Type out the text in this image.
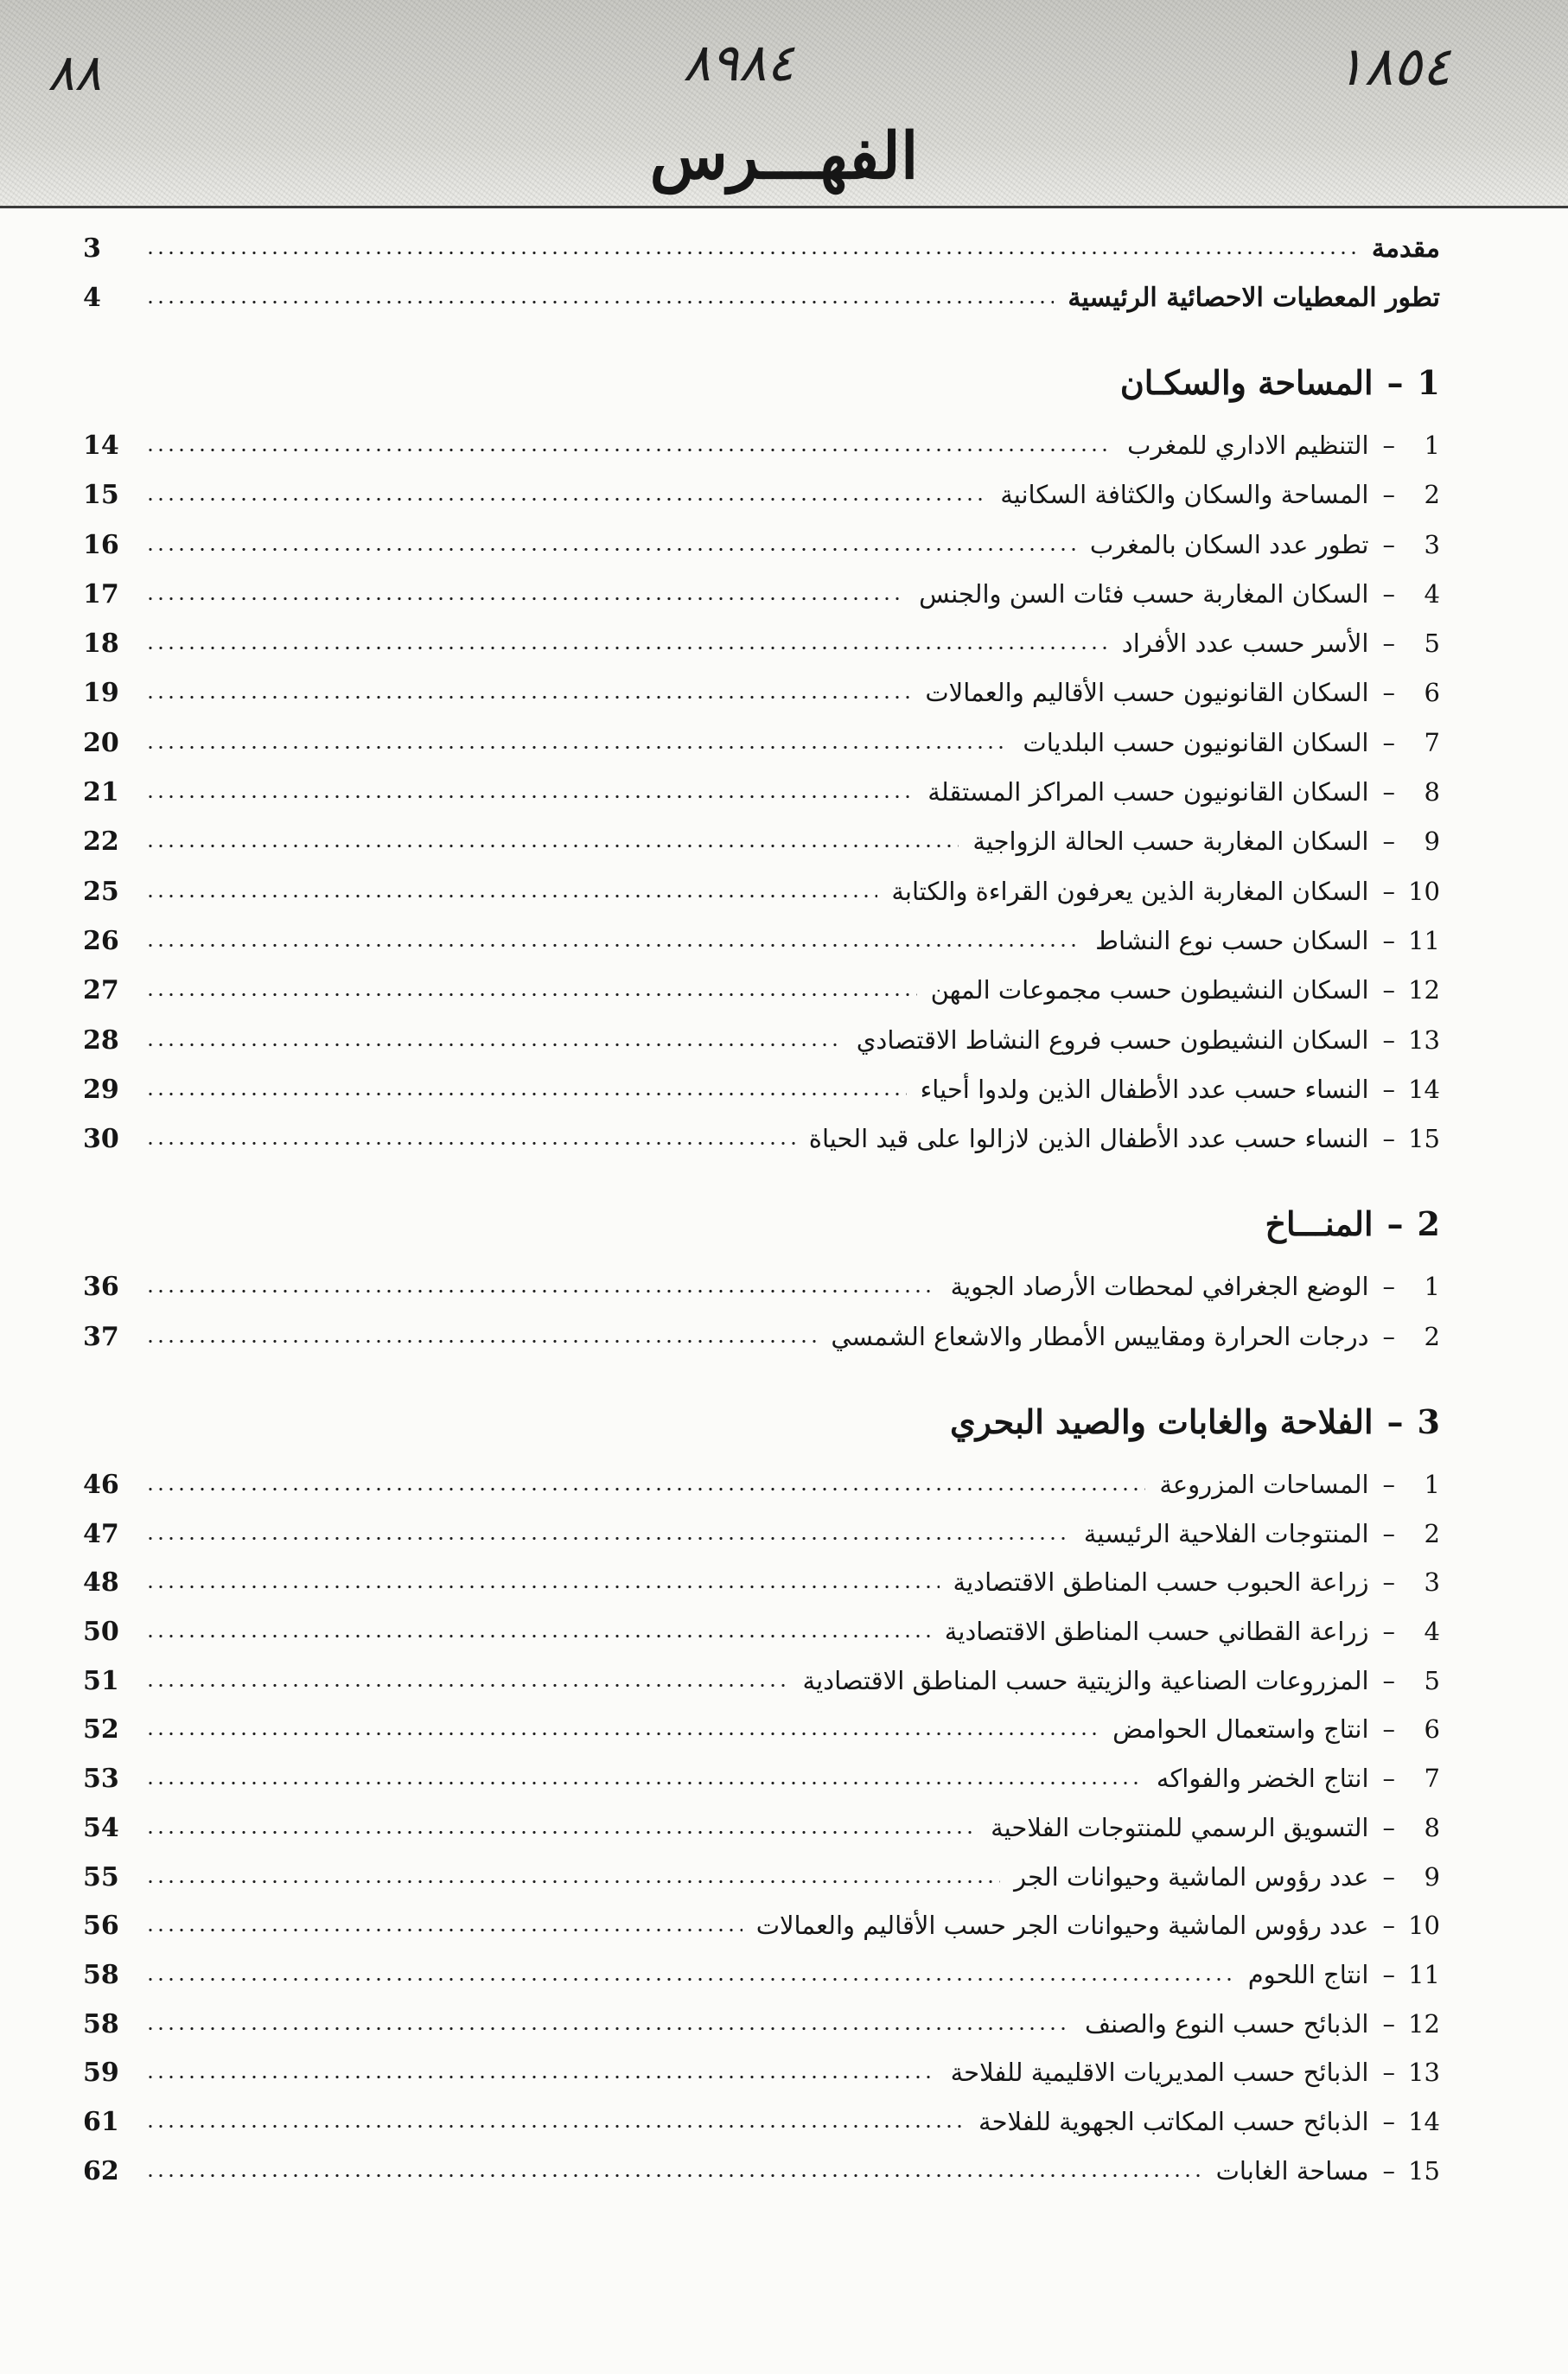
٨٨	٨٩٨٤	١٨٥٤
الفهـــرس
مقدمة
3
تطور المعطيات الاحصائية الرئيسية
4
1–المساحة والسكـان
1
–
التنظيم الاداري للمغرب
14
2
–
المساحة والسكان والكثافة السكانية
15
3
–
تطور عدد السكان بالمغرب
16
4
–
السكان المغاربة حسب فئات السن والجنس
17
5
–
الأسر حسب عدد الأفراد
18
6
–
السكان القانونيون حسب الأقاليم والعمالات
19
7
–
السكان القانونيون حسب البلديات
20
8
–
السكان القانونيون حسب المراكز المستقلة
21
9
–
السكان المغاربة حسب الحالة الزواجية
22
10
–
السكان المغاربة الذين يعرفون القراءة والكتابة
25
11
–
السكان حسب نوع النشاط
26
12
–
السكان النشيطون حسب مجموعات المهن
27
13
–
السكان النشيطون حسب فروع النشاط الاقتصادي
28
14
–
النساء حسب عدد الأطفال الذين ولدوا أحياء
29
15
–
النساء حسب عدد الأطفال الذين لازالوا على قيد الحياة
30
2–المنـــاخ
1
–
الوضع الجغرافي لمحطات الأرصاد الجوية
36
2
–
درجات الحرارة ومقاييس الأمطار والاشعاع الشمسي
37
3–الفلاحة والغابات والصيد البحري
1
–
المساحات المزروعة
46
2
–
المنتوجات الفلاحية الرئيسية
47
3
–
زراعة الحبوب حسب المناطق الاقتصادية
48
4
–
زراعة القطاني حسب المناطق الاقتصادية
50
5
–
المزروعات الصناعية والزيتية حسب المناطق الاقتصادية
51
6
–
انتاج واستعمال الحوامض
52
7
–
انتاج الخضر والفواكه
53
8
–
التسويق الرسمي للمنتوجات الفلاحية
54
9
–
عدد رؤوس الماشية وحيوانات الجر
55
10
–
عدد رؤوس الماشية وحيوانات الجر حسب الأقاليم والعمالات
56
11
–
انتاج اللحوم
58
12
–
الذبائح حسب النوع والصنف
58
13
–
الذبائح حسب المديريات الاقليمية للفلاحة
59
14
–
الذبائح حسب المكاتب الجهوية للفلاحة
61
15
–
مساحة الغابات
62
